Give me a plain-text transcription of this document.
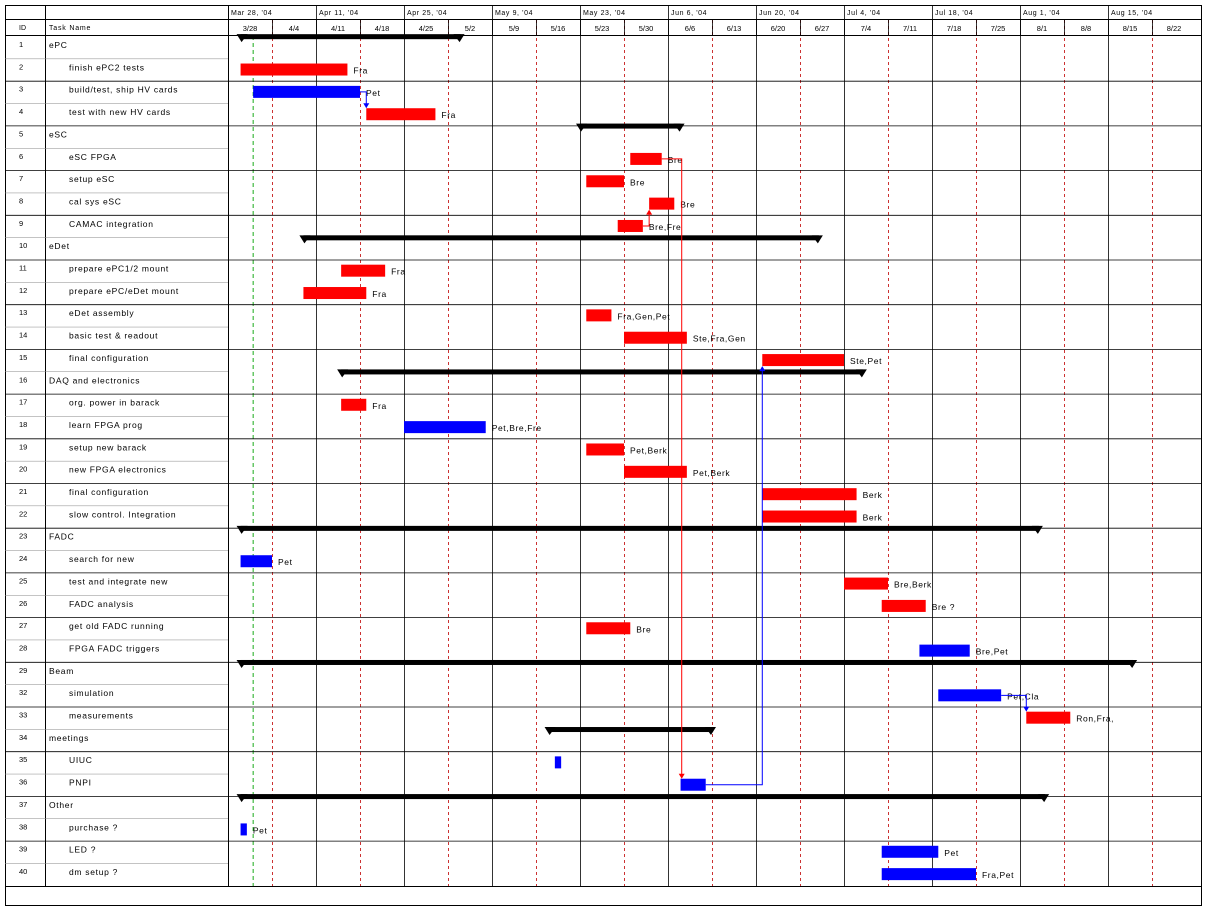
ID	Task Name
1	ePC
2	finish ePC2 tests
3	build/test, ship HV cards
4	test with new HV cards
5	eSC
6	eSC FPGA
7	setup eSC
8	cal sys eSC
9	CAMAC integration
10	eDet
11	prepare ePC1/2 mount
12	prepare ePC/eDet mount
13	eDet assembly
14	basic test & readout
15	final configuration
16	DAQ and electronics
17	org. power in barack
18	learn FPGA prog
19	setup new barack
20	new FPGA electronics
21	final configuration
22	slow control. Integration
23	FADC
24	search for new
25	test and integrate new
26	FADC analysis
27	get old FADC running
28	FPGA FADC triggers
29	Beam
32	simulation
33	measurements
34	meetings
35	UIUC
36	PNPI
37	Other
38	purchase ?
39	LED ?
40	dm setup ?
3/28	4/4	4/11	4/18	4/25	5/2	5/9	5/16	5/23	5/30	6/6	6/13	6/20	6/27	7/4	7/11	7/18	7/25	8/1	8/8	8/15	8/22
Mar 28, '04	Apr 11, '04	Apr 25, '04	May 9, '04	May 23, '04	Jun 6, '04	Jun 20, '04	Jul 4, '04	Jul 18, '04	Aug 1, '04	Aug 15, '04
Fra
Pet
Fra
Bre
Bre
Bre
Bre,Fre
Fra
Fra
Fra,Gen,Pet
Ste,Fra,Gen
Ste,Pet
Fra
Pet,Bre,Fre
Pet,Berk
Pet,Berk
Berk
Berk
Pet
Bre,Berk
Bre ?
Bre
Bre,Pet
Pet,Cla
Ron,Fra,
Pet
Pet
Fra,Pet
